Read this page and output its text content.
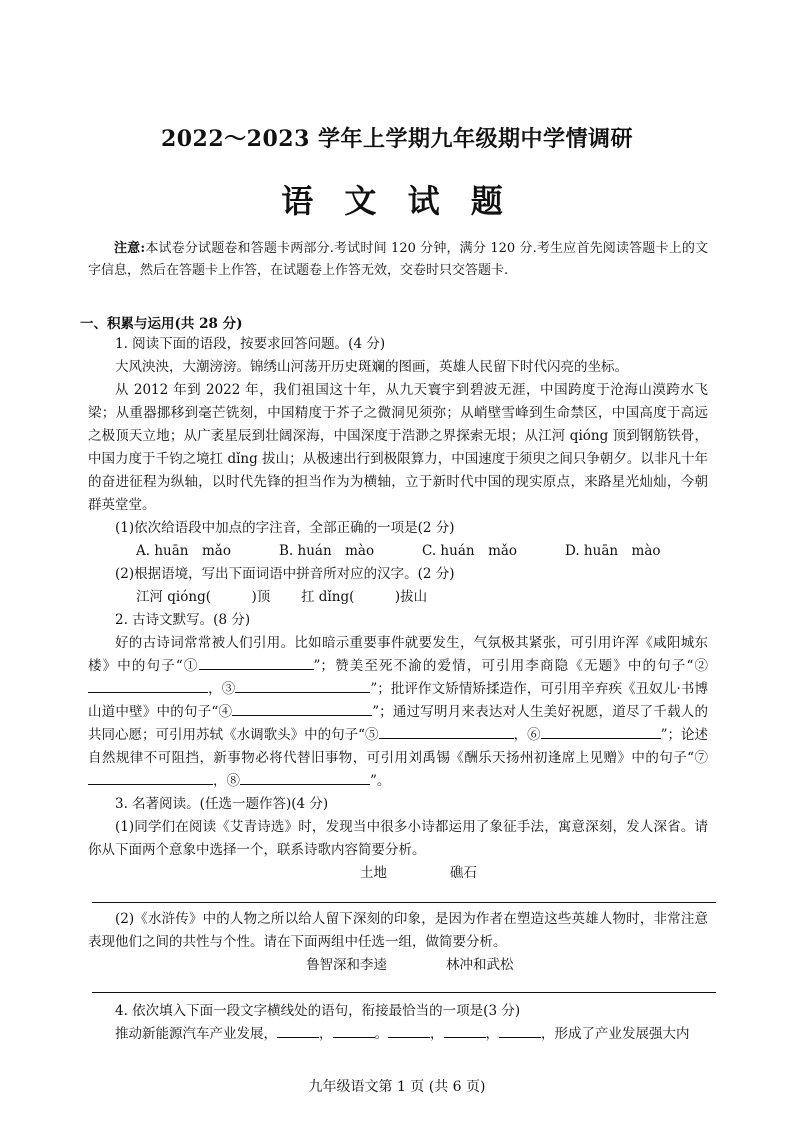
2022～2023 学年上学期九年级期中学情调研
语 文 试 题

注意:本试卷分试题卷和答题卡两部分.考试时间 120 分钟，满分 120 分.考生应首先阅读答题卡上的文字信息，然后在答题卡上作答，在试题卷上作答无效，交卷时只交答题卡.

一、积累与运用(共 28 分)

1. 阅读下面的语段，按要求回答问题。(4 分)

大风泱泱，大潮滂滂。锦绣山河荡开历史斑斓的图画，英雄人民留下时代闪亮的坐标。

从 2012 年到 2022 年，我们祖国这十年，从九天寰宇到碧波无涯，中国跨度于沧海山漠跨水飞梁；从重器挪移到毫芒铣刻，中国精度于芥子之微洞见须弥；从峭壁雪峰到生命禁区，中国高度于高远之极顶天立地；从广袤星辰到壮阔深海，中国深度于浩渺之界探索无垠；从江河 qióng 顶到钢筋铁骨，中国力度于千钧之境扛 dǐng 拔山；从极速出行到极限算力，中国速度于须臾之间只争朝夕。以非凡十年的奋进征程为纵轴，以时代先锋的担当作为为横轴，立于新时代中国的现实原点，来路星光灿灿，今朝群英堂堂。

(1)依次给语段中加点的字注音，全部正确的一项是(2 分)

A. huān　mǎo	B. huán　mào	C. huán　mǎo	D. huān　mào

(2)根据语境，写出下面词语中拼音所对应的汉字。(2 分)

江河 qióng(　　　)顶	扛 dǐng(　　　)拔山

2. 古诗文默写。(8 分)

好的古诗词常常被人们引用。比如暗示重要事件就要发生，气氛极其紧张，可引用许浑《咸阳城东楼》中的句子“①	”；赞美至死不渝的爱情，可引用李商隐《无题》中的句子“②，③	”；批评作文矫情矫揉造作，可引用辛弃疾《丑奴儿·书博山道中壁》中的句子“④	”；通过写明月来表达对人生美好祝愿，道尽了千载人的共同心愿；可引用苏轼《水调歌头》中的句子“⑤	，⑥	”；论述自然规律不可阻挡，新事物必将代替旧事物，可引用刘禹锡《酬乐天扬州初逢席上见赠》中的句子“⑦，⑧	”。

3. 名著阅读。(任选一题作答)(4 分)

(1)同学们在阅读《艾青诗选》时，发现当中很多小诗都运用了象征手法，寓意深刻，发人深省。请你从下面两个意象中选择一个，联系诗歌内容简要分析。

土地	礁石

(2)《水浒传》中的人物之所以给人留下深刻的印象，是因为作者在塑造这些英雄人物时，非常注意表现他们之间的共性与个性。请在下面两组中任选一组，做简要分析。

鲁智深和李逵	林冲和武松

4. 依次填入下面一段文字横线处的语句，衔接最恰当的一项是(3 分)

推动新能源汽车产业发展，	，	。	，	，	，形成了产业发展强大内

九年级语文第 1 页 (共 6 页)
